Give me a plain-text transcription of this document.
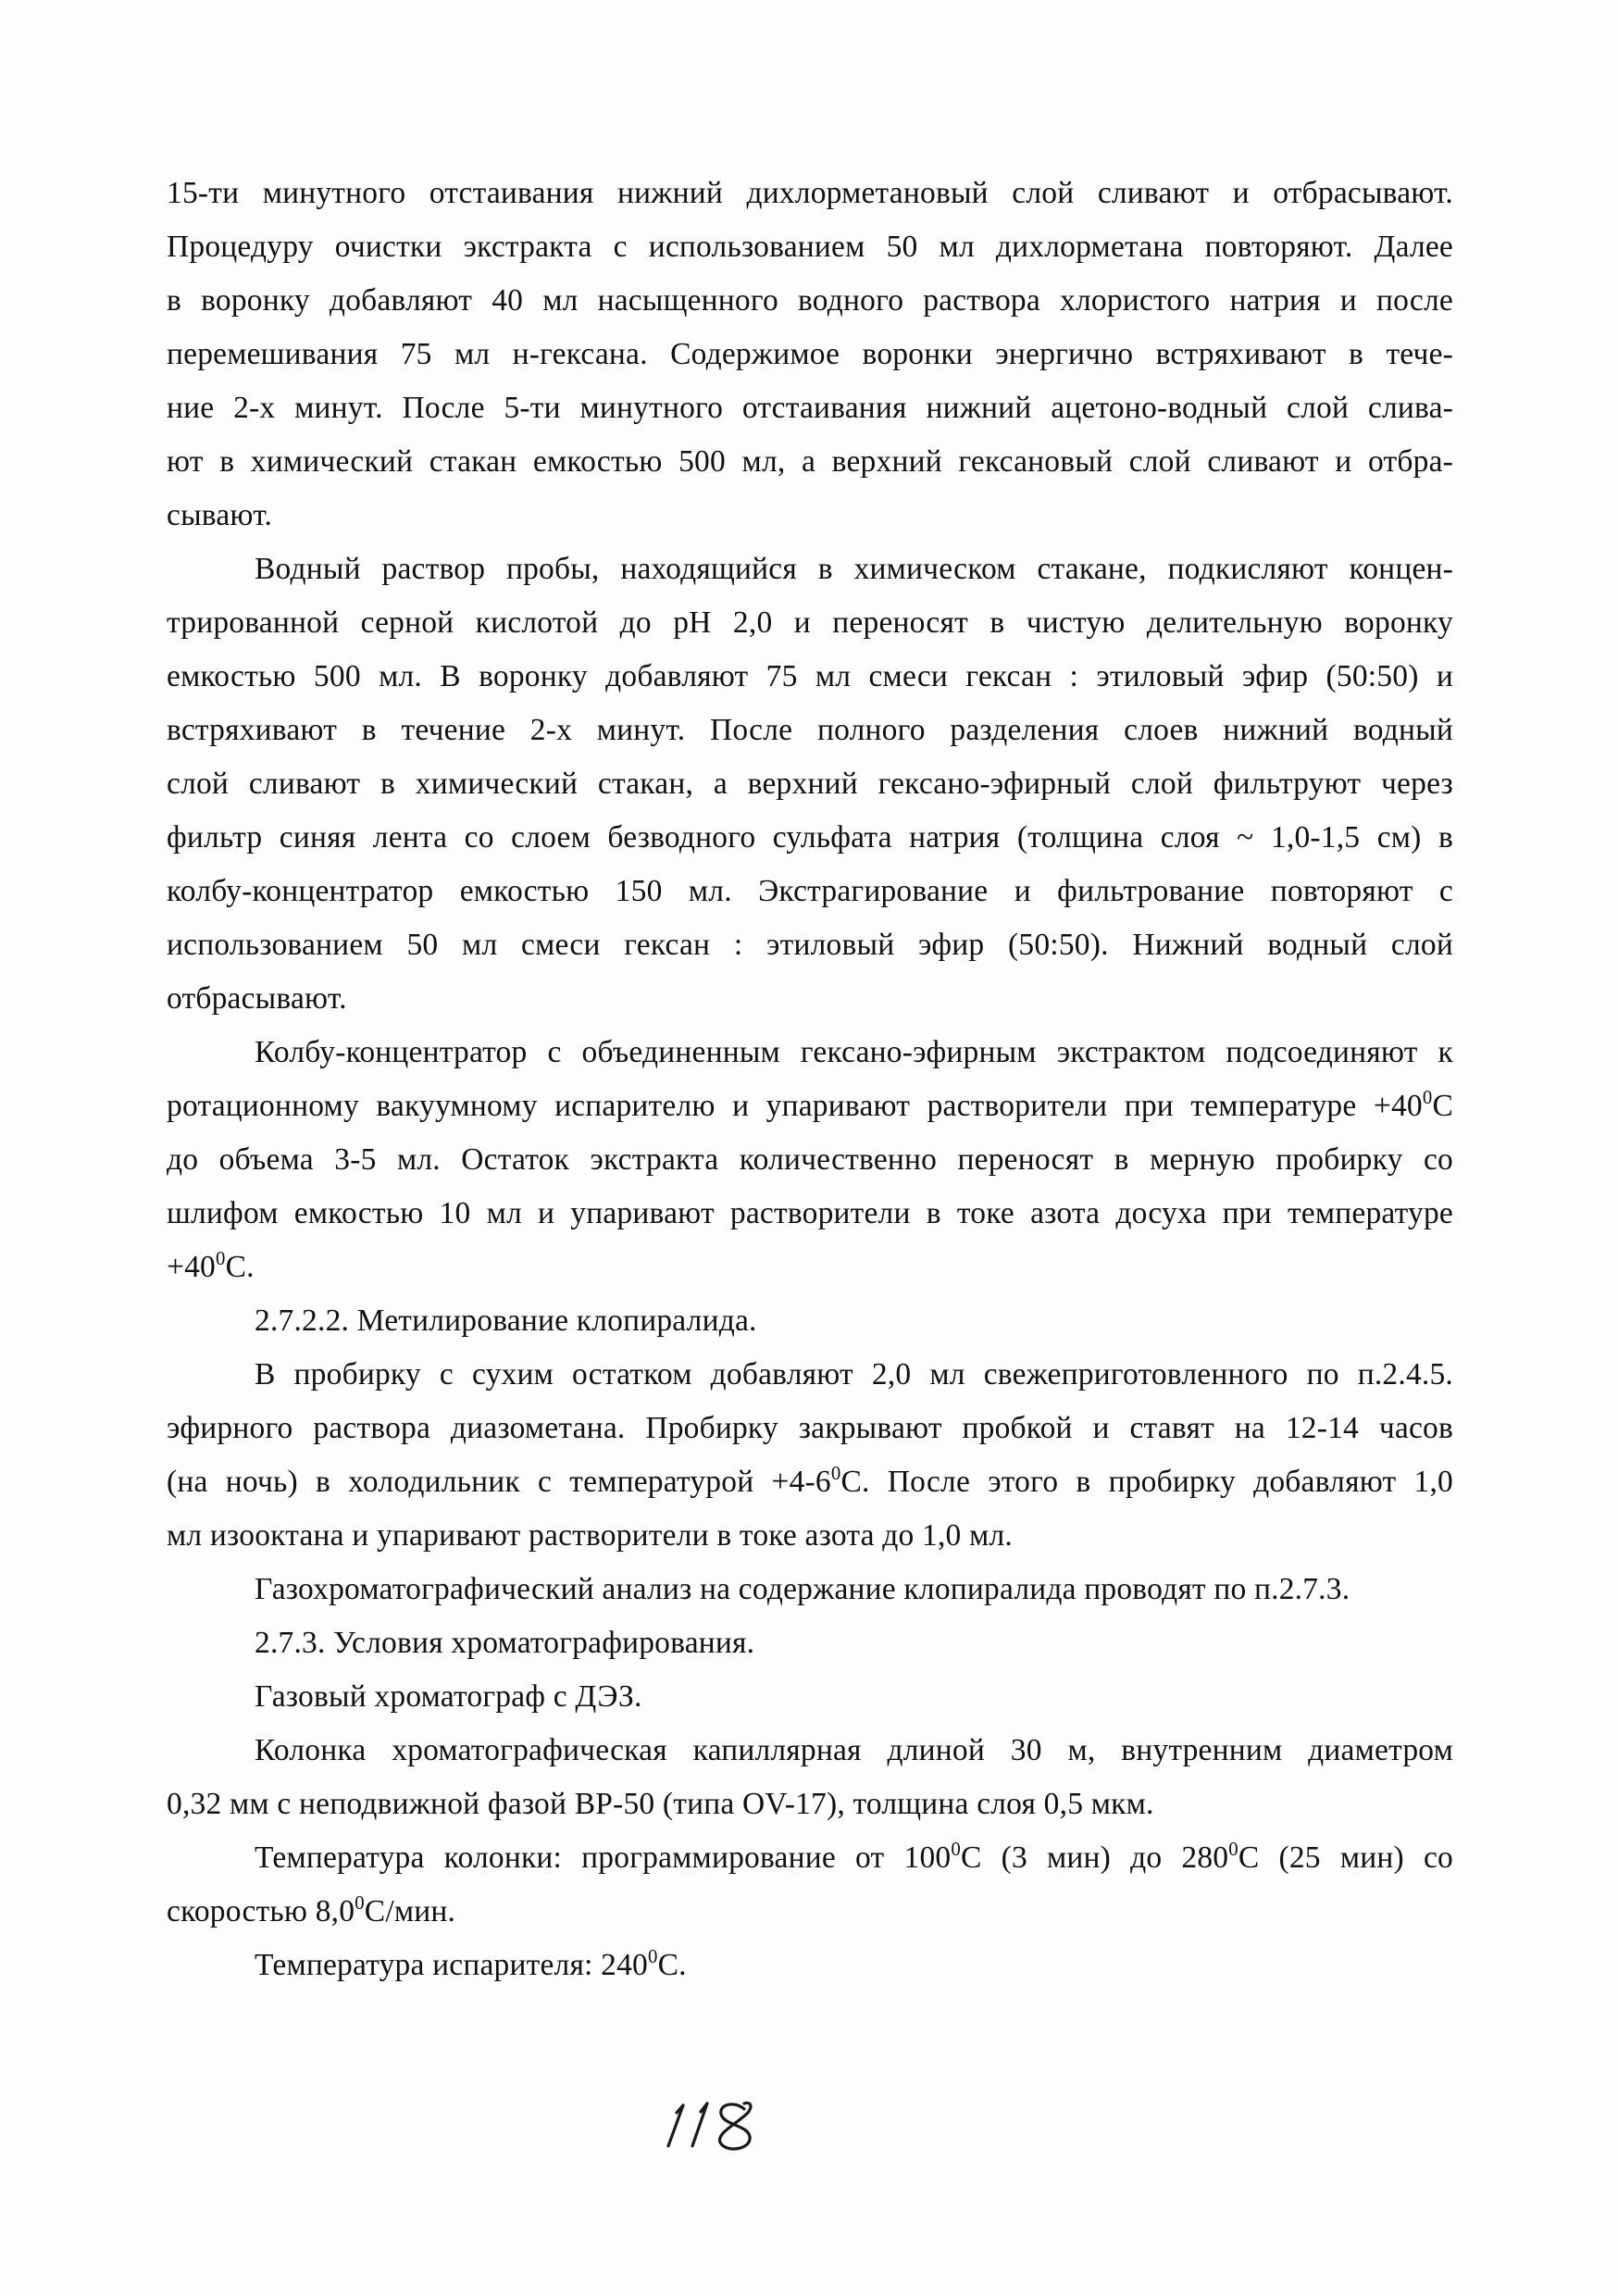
15-ти минутного отстаивания нижний дихлорметановый слой сливают и отбрасывают.
Процедуру очистки экстракта с использованием 50 мл дихлорметана повторяют. Далее
в воронку добавляют 40 мл насыщенного водного раствора хлористого натрия и после
перемешивания 75 мл н-гексана. Содержимое воронки энергично встряхивают в тече-
ние 2-х минут. После 5-ти минутного отстаивания нижний ацетоно-водный слой слива-
ют в химический стакан емкостью 500 мл, а верхний гексановый слой сливают и отбра-
сывают.
Водный раствор пробы, находящийся в химическом стакане, подкисляют концен-
трированной серной кислотой до pH 2,0 и переносят в чистую делительную воронку
емкостью 500 мл. В воронку добавляют 75 мл смеси гексан : этиловый эфир (50:50) и
встряхивают в течение 2-х минут. После полного разделения слоев нижний водный
слой сливают в химический стакан, а верхний гексано-эфирный слой фильтруют через
фильтр синяя лента со слоем безводного сульфата натрия (толщина слоя ~ 1,0-1,5 см) в
колбу-концентратор емкостью 150 мл. Экстрагирование и фильтрование повторяют с
использованием 50 мл смеси гексан : этиловый эфир (50:50). Нижний водный слой
отбрасывают.
Колбу-концентратор с объединенным гексано-эфирным экстрактом подсоединяют к
ротационному вакуумному испарителю и упаривают растворители при температуре $+40^0C$
до объема 3-5 мл. Остаток экстракта количественно переносят в мерную пробирку со
шлифом емкостью 10 мл и упаривают растворители в токе азота досуха при температуре
$+40^0C$.
2.7.2.2. Метилирование клопиралида.
В пробирку с сухим остатком добавляют 2,0 мл свежеприготовленного по п.2.4.5.
эфирного раствора диазометана. Пробирку закрывают пробкой и ставят на 12-14 часов
(на ночь) в холодильник с температурой $+4-6^0C$. После этого в пробирку добавляют 1,0
мл изооктана и упаривают растворители в токе азота до 1,0 мл.
Газохроматографический анализ на содержание клопиралида проводят по п.2.7.3.
2.7.3. Условия хроматографирования.
Газовый хроматограф с ДЭЗ.
Колонка хроматографическая капиллярная длиной 30 м, внутренним диаметром
0,32 мм с неподвижной фазой BP-50 (типа OV-17), толщина слоя 0,5 мкм.
Температура колонки: программирование от $100^0C$ (3 мин) до $280^0C$ (25 мин) со
скоростью $8,0^0C$/мин.
Температура испарителя: $240^0C$.
